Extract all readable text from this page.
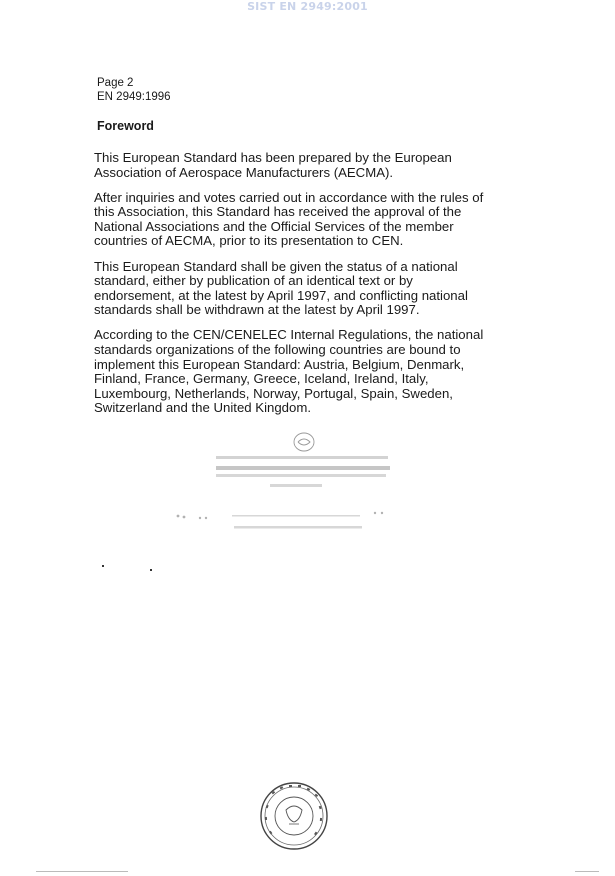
SIST EN 2949:2001
Page 2
EN 2949:1996
Foreword

This European Standard has been prepared by the European
Association of Aerospace Manufacturers (AECMA).

After inquiries and votes carried out in accordance with the rules of
this Association, this Standard has received the approval of the
National Associations and the Official Services of the member
countries of AECMA, prior to its presentation to CEN.

This European Standard shall be given the status of a national
standard, either by publication of an identical text or by
endorsement, at the latest by April 1997, and conflicting national
standards shall be withdrawn at the latest by April 1997.

According to the CEN/CENELEC Internal Regulations, the national
standards organizations of the following countries are bound to
implement this European Standard: Austria, Belgium, Denmark,
Finland, France, Germany, Greece, Iceland, Ireland, Italy,
Luxembourg, Netherlands, Norway, Portugal, Spain, Sweden,
Switzerland and the United Kingdom.
